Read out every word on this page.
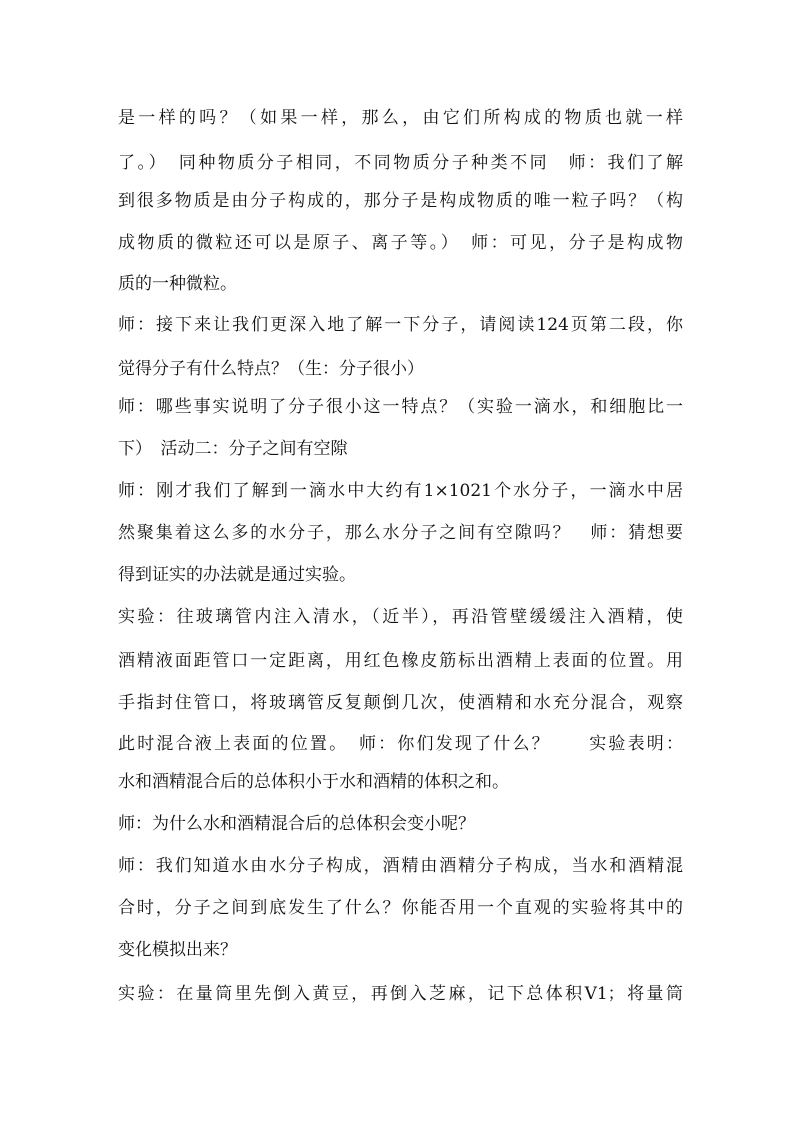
是一样的吗？（如果一样，那么，由它们所构成的物质也就一样
了。）　同种物质分子相同，不同物质分子种类不同　师：我们了解
到很多物质是由分子构成的，那分子是构成物质的唯一粒子吗？（构
成物质的微粒还可以是原子、离子等。）　师：可见，分子是构成物
质的一种微粒。
师：接下来让我们更深入地了解一下分子，请阅读124页第二段，你
觉得分子有什么特点？（生：分子很小）
师：哪些事实说明了分子很小这一特点？（实验一滴水，和细胞比一
下）　活动二：分子之间有空隙
师：刚才我们了解到一滴水中大约有1×1021个水分子，一滴水中居
然聚集着这么多的水分子，那么水分子之间有空隙吗？　师：猜想要
得到证实的办法就是通过实验。
实验：往玻璃管内注入清水，（近半），再沿管壁缓缓注入酒精，使
酒精液面距管口一定距离，用红色橡皮筋标出酒精上表面的位置。用
手指封住管口，将玻璃管反复颠倒几次，使酒精和水充分混合，观察
此时混合液上表面的位置。　师：你们发现了什么？　　实验表明：
水和酒精混合后的总体积小于水和酒精的体积之和。
师：为什么水和酒精混合后的总体积会变小呢？
师：我们知道水由水分子构成，酒精由酒精分子构成，当水和酒精混
合时，分子之间到底发生了什么？你能否用一个直观的实验将其中的
变化模拟出来？
实验：在量筒里先倒入黄豆，再倒入芝麻，记下总体积V1；将量筒
